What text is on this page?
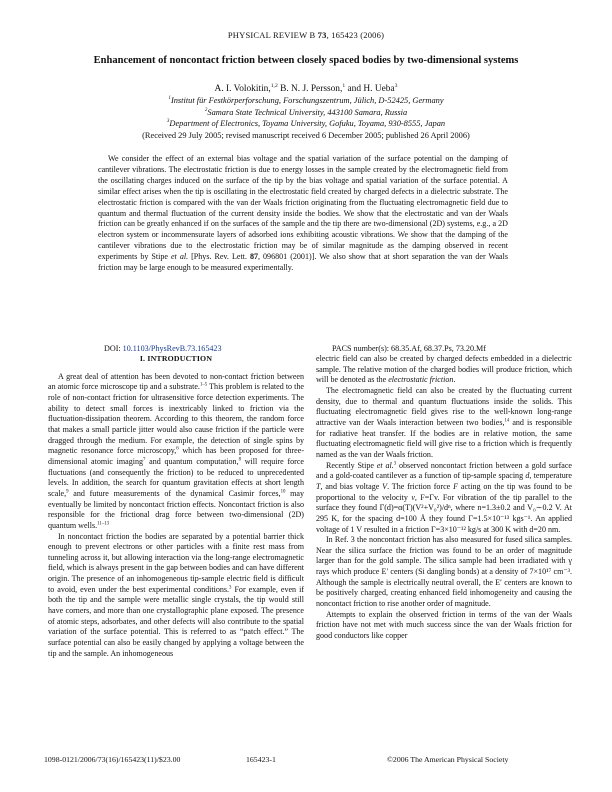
PHYSICAL REVIEW B 73, 165423 (2006)
Enhancement of noncontact friction between closely spaced bodies by two-dimensional systems
A. I. Volokitin,$^{1,2}$ B. N. J. Persson,$^1$ and H. Ueba$^3$
$^1$Institut für Festkörperforschung, Forschungszentrum, Jülich, D-52425, Germany
$^2$Samara State Technical University, 443100 Samara, Russia
$^3$Department of Electronics, Toyama University, Gofuku, Toyama, 930-8555, Japan
(Received 29 July 2005; revised manuscript received 6 December 2005; published 26 April 2006)
We consider the effect of an external bias voltage and the spatial variation of the surface potential on the damping of cantilever vibrations. The electrostatic friction is due to energy losses in the sample created by the electromagnetic field from the oscillating charges induced on the surface of the tip by the bias voltage and spatial variation of the surface potential. A similar effect arises when the tip is oscillating in the electrostatic field created by charged defects in a dielectric substrate. The electrostatic friction is compared with the van der Waals friction originating from the fluctuating electromagnetic field due to quantum and thermal fluctuation of the current density inside the bodies. We show that the electrostatic and van der Waals friction can be greatly enhanced if on the surfaces of the sample and the tip there are two-dimensional (2D) systems, e.g., a 2D electron system or incommensurate layers of adsorbed ions exhibiting acoustic vibrations. We show that the damping of the cantilever vibrations due to the electrostatic friction may be of similar magnitude as the damping observed in recent experiments by Stipe et al. [Phys. Rev. Lett. 87, 096801 (2001)]. We also show that at short separation the van der Waals friction may be large enough to be measured experimentally.
DOI: 10.1103/PhysRevB.73.165423	PACS number(s): 68.35.Af, 68.37.Ps, 73.20.Mf
I. INTRODUCTION

A great deal of attention has been devoted to non-contact friction between an atomic force microscope tip and a substrate.$^{1-5}$ This problem is related to the role of non-contact friction for ultrasensitive force detection experiments. The ability to detect small forces is inextricably linked to friction via the fluctuation-dissipation theorem. According to this theorem, the random force that makes a small particle jitter would also cause friction if the particle were dragged through the medium. For example, the detection of single spins by magnetic resonance force microscopy,$^6$ which has been proposed for three-dimensional atomic imaging$^7$ and quantum computation,$^8$ will require force fluctuations (and consequently the friction) to be reduced to unprecedented levels. In addition, the search for quantum gravitation effects at short length scale,$^9$ and future measurements of the dynamical Casimir forces,$^{10}$ may eventually be limited by noncontact friction effects. Noncontact friction is also responsible for the frictional drag force between two-dimensional (2D) quantum wells.$^{11-13}$

In noncontact friction the bodies are separated by a potential barrier thick enough to prevent electrons or other particles with a finite rest mass from tunneling across it, but allowing interaction via the long-range electromagnetic field, which is always present in the gap between bodies and can have different origin. The presence of an inhomogeneous tip-sample electric field is difficult to avoid, even under the best experimental conditions.$^3$ For example, even if both the tip and the sample were metallic single crystals, the tip would still have corners, and more than one crystallographic plane exposed. The presence of atomic steps, adsorbates, and other defects will also contribute to the spatial variation of the surface potential. This is referred to as “patch effect.” The surface potential can also be easily changed by applying a voltage between the tip and the sample. An inhomogeneous

electric field can also be created by charged defects embedded in a dielectric sample. The relative motion of the charged bodies will produce friction, which will be denoted as the electrostatic friction.

The electromagnetic field can also be created by the fluctuating current density, due to thermal and quantum fluctuations inside the solids. This fluctuating electromagnetic field gives rise to the well-known long-range attractive van der Waals interaction between two bodies,$^{14}$ and is responsible for radiative heat transfer. If the bodies are in relative motion, the same fluctuating electromagnetic field will give rise to a friction which is frequently named as the van der Waals friction.

Recently Stipe et al.$^3$ observed noncontact friction between a gold surface and a gold-coated cantilever as a function of tip-sample spacing d, temperature T, and bias voltage V. The friction force F acting on the tip was found to be proportional to the velocity v, F=Γv. For vibration of the tip parallel to the surface they found Γ(d)=α(T)(V²+V₀²)/dⁿ, where n=1.3±0.2 and V₀∼0.2 V. At 295 K, for the spacing d=100 Å they found Γ=1.5×10⁻¹³ kgs⁻¹. An applied voltage of 1 V resulted in a friction Γ=3×10⁻¹² kg/s at 300 K with d=20 nm.

In Ref. 3 the noncontact friction has also measured for fused silica samples. Near the silica surface the friction was found to be an order of magnitude larger than for the gold sample. The silica sample had been irradiated with γ rays which produce E′ centers (Si dangling bonds) at a density of 7×10¹⁷ cm⁻³. Although the sample is electrically neutral overall, the E′ centers are known to be positively charged, creating enhanced field inhomogeneity and causing the noncontact friction to rise another order of magnitude.

Attempts to explain the observed friction in terms of the van der Waals friction have not met with much success since the van der Waals friction for good conductors like copper

1098-0121/2006/73(16)/165423(11)/$23.00	165423-1	©2006 The American Physical Society
